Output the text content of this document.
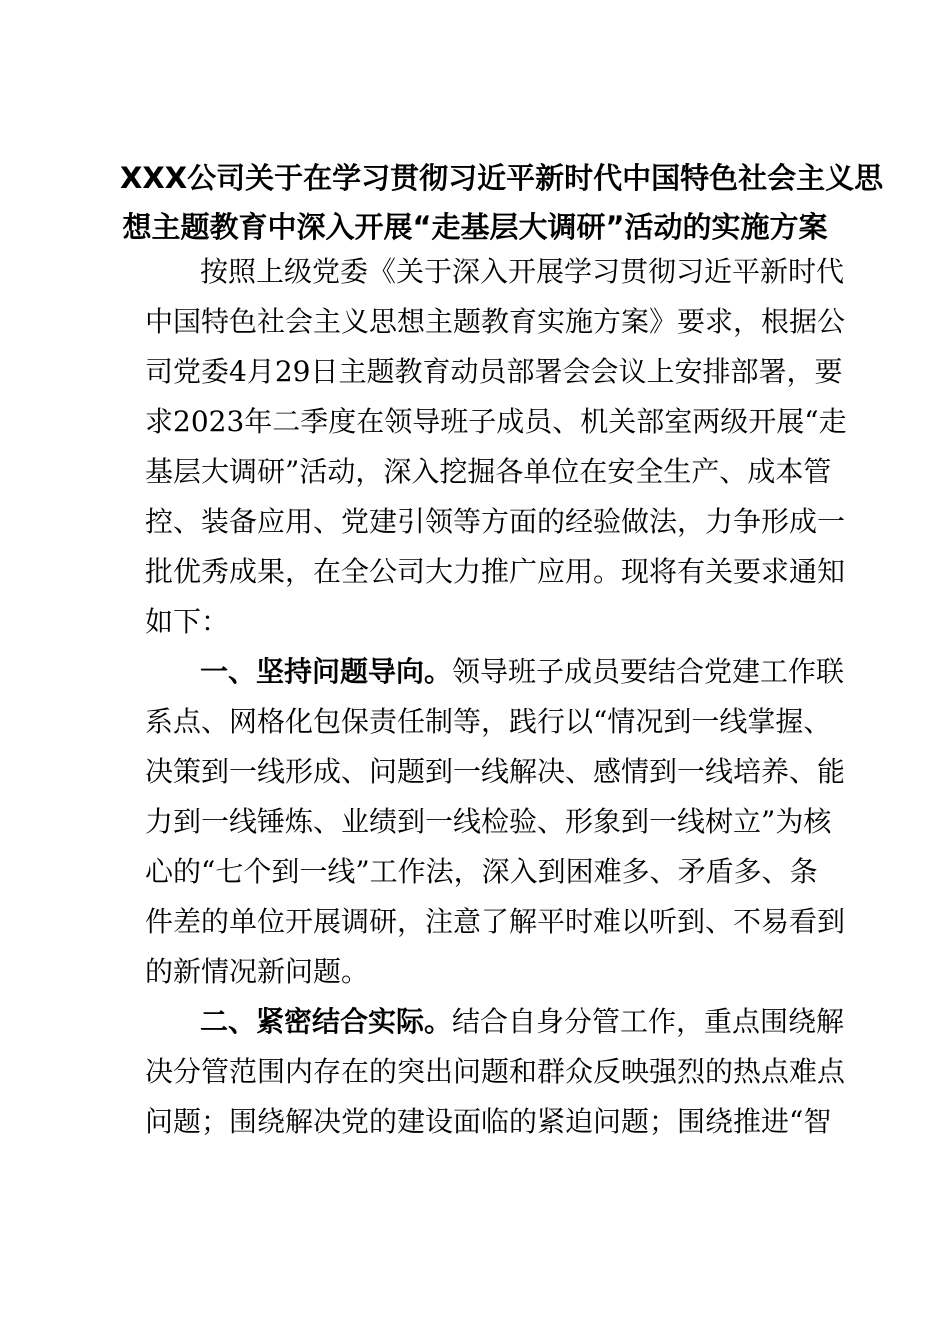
XXX公司关于在学习贯彻习近平新时代中国特色社会主义思
想主题教育中深入开展“走基层大调研”活动的实施方案
按照上级党委《关于深入开展学习贯彻习近平新时代
中国特色社会主义思想主题教育实施方案》要求，根据公
司党委4月29日主题教育动员部署会会议上安排部署，要
求2023年二季度在领导班子成员、机关部室两级开展“走
基层大调研”活动，深入挖掘各单位在安全生产、成本管
控、装备应用、党建引领等方面的经验做法，力争形成一
批优秀成果，在全公司大力推广应用。现将有关要求通知
如下：
一、坚持问题导向。领导班子成员要结合党建工作联
系点、网格化包保责任制等，践行以“情况到一线掌握、
决策到一线形成、问题到一线解决、感情到一线培养、能
力到一线锤炼、业绩到一线检验、形象到一线树立”为核
心的“七个到一线”工作法，深入到困难多、矛盾多、条
件差的单位开展调研，注意了解平时难以听到、不易看到
的新情况新问题。
二、紧密结合实际。结合自身分管工作，重点围绕解
决分管范围内存在的突出问题和群众反映强烈的热点难点
问题；围绕解决党的建设面临的紧迫问题；围绕推进“智
